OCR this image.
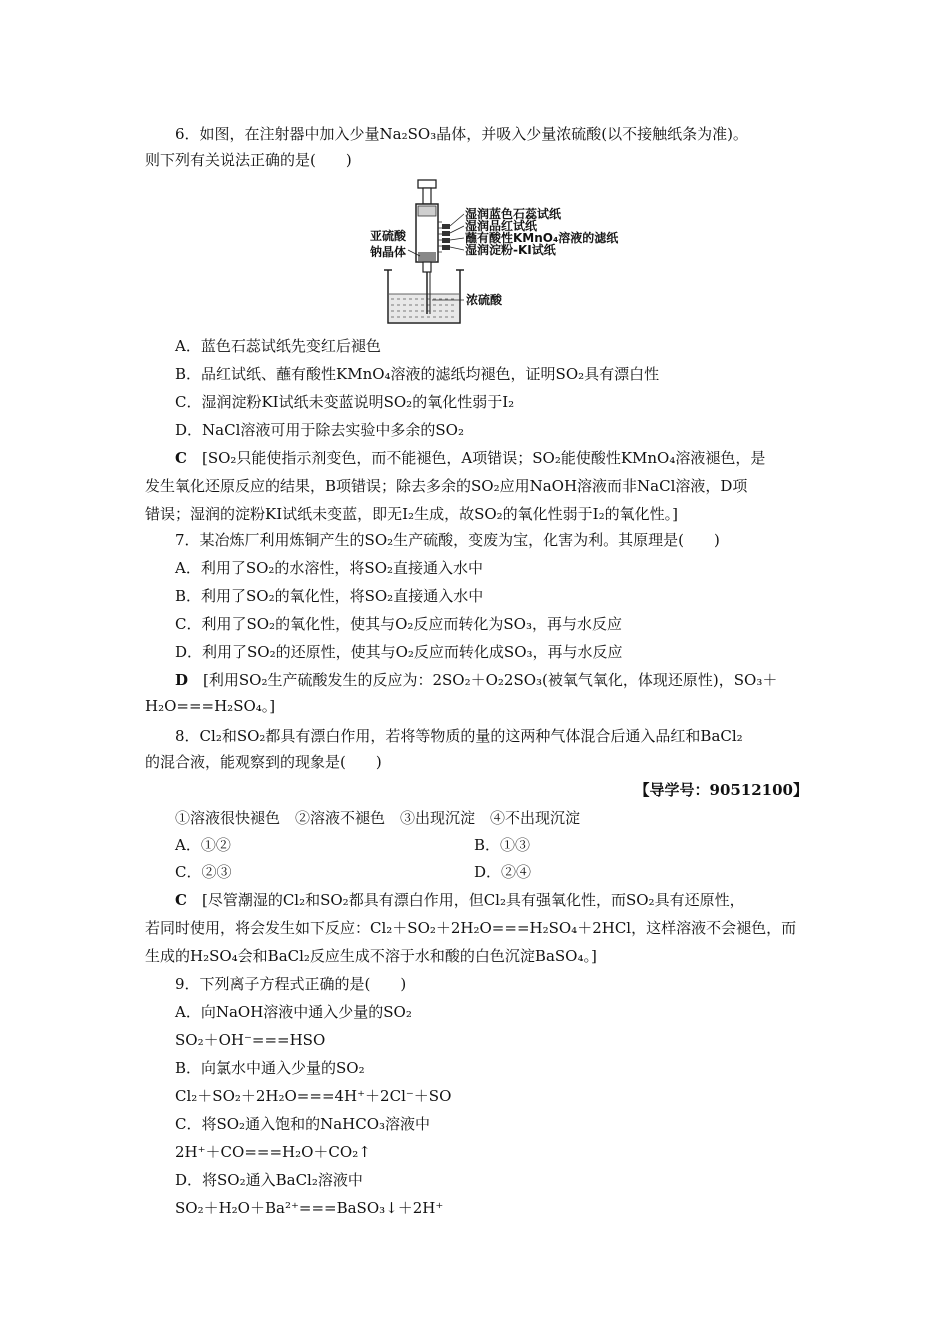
6．如图，在注射器中加入少量Na₂SO₃晶体，并吸入少量浓硫酸(以不接触纸条为准)。
则下列有关说法正确的是(　　)
湿润蓝色石蕊试纸
湿润品红试纸
蘸有酸性KMnO₄溶液的滤纸
湿润淀粉-KI试纸
亚硫酸
钠晶体
浓硫酸
A．蓝色石蕊试纸先变红后褪色
B．品红试纸、蘸有酸性KMnO₄溶液的滤纸均褪色，证明SO₂具有漂白性
C．湿润淀粉KI试纸未变蓝说明SO₂的氧化性弱于I₂
D．NaCl溶液可用于除去实验中多余的SO₂
C　 [SO₂只能使指示剂变色，而不能褪色，A项错误；SO₂能使酸性KMnO₄溶液褪色，是
发生氧化还原反应的结果，B项错误；除去多余的SO₂应用NaOH溶液而非NaCl溶液，D项
错误；湿润的淀粉KI试纸未变蓝，即无I₂生成，故SO₂的氧化性弱于I₂的氧化性。]
7．某冶炼厂利用炼铜产生的SO₂生产硫酸，变废为宝，化害为利。其原理是(　　)
A．利用了SO₂的水溶性，将SO₂直接通入水中
B．利用了SO₂的氧化性，将SO₂直接通入水中
C．利用了SO₂的氧化性，使其与O₂反应而转化为SO₃，再与水反应
D．利用了SO₂的还原性，使其与O₂反应而转化成SO₃，再与水反应
D　 [利用SO₂生产硫酸发生的反应为：2SO₂＋O₂2SO₃(被氧气氧化，体现还原性)，SO₃＋
H₂O===H₂SO₄。]
8．Cl₂和SO₂都具有漂白作用，若将等物质的量的这两种气体混合后通入品红和BaCl₂
的混合液，能观察到的现象是(　　)
【导学号：90512100】
①溶液很快褪色　②溶液不褪色　③出现沉淀　④不出现沉淀
A．①②	B．①③
C．②③	D．②④
C　 [尽管潮湿的Cl₂和SO₂都具有漂白作用，但Cl₂具有强氧化性，而SO₂具有还原性，
若同时使用，将会发生如下反应：Cl₂＋SO₂＋2H₂O===H₂SO₄＋2HCl，这样溶液不会褪色，而
生成的H₂SO₄会和BaCl₂反应生成不溶于水和酸的白色沉淀BaSO₄。]
9．下列离子方程式正确的是(　　)
A．向NaOH溶液中通入少量的SO₂
SO₂＋OH⁻===HSO
B．向氯水中通入少量的SO₂
Cl₂＋SO₂＋2H₂O===4H⁺＋2Cl⁻＋SO
C．将SO₂通入饱和的NaHCO₃溶液中
2H⁺＋CO===H₂O＋CO₂↑
D．将SO₂通入BaCl₂溶液中
SO₂＋H₂O＋Ba²⁺===BaSO₃↓＋2H⁺
